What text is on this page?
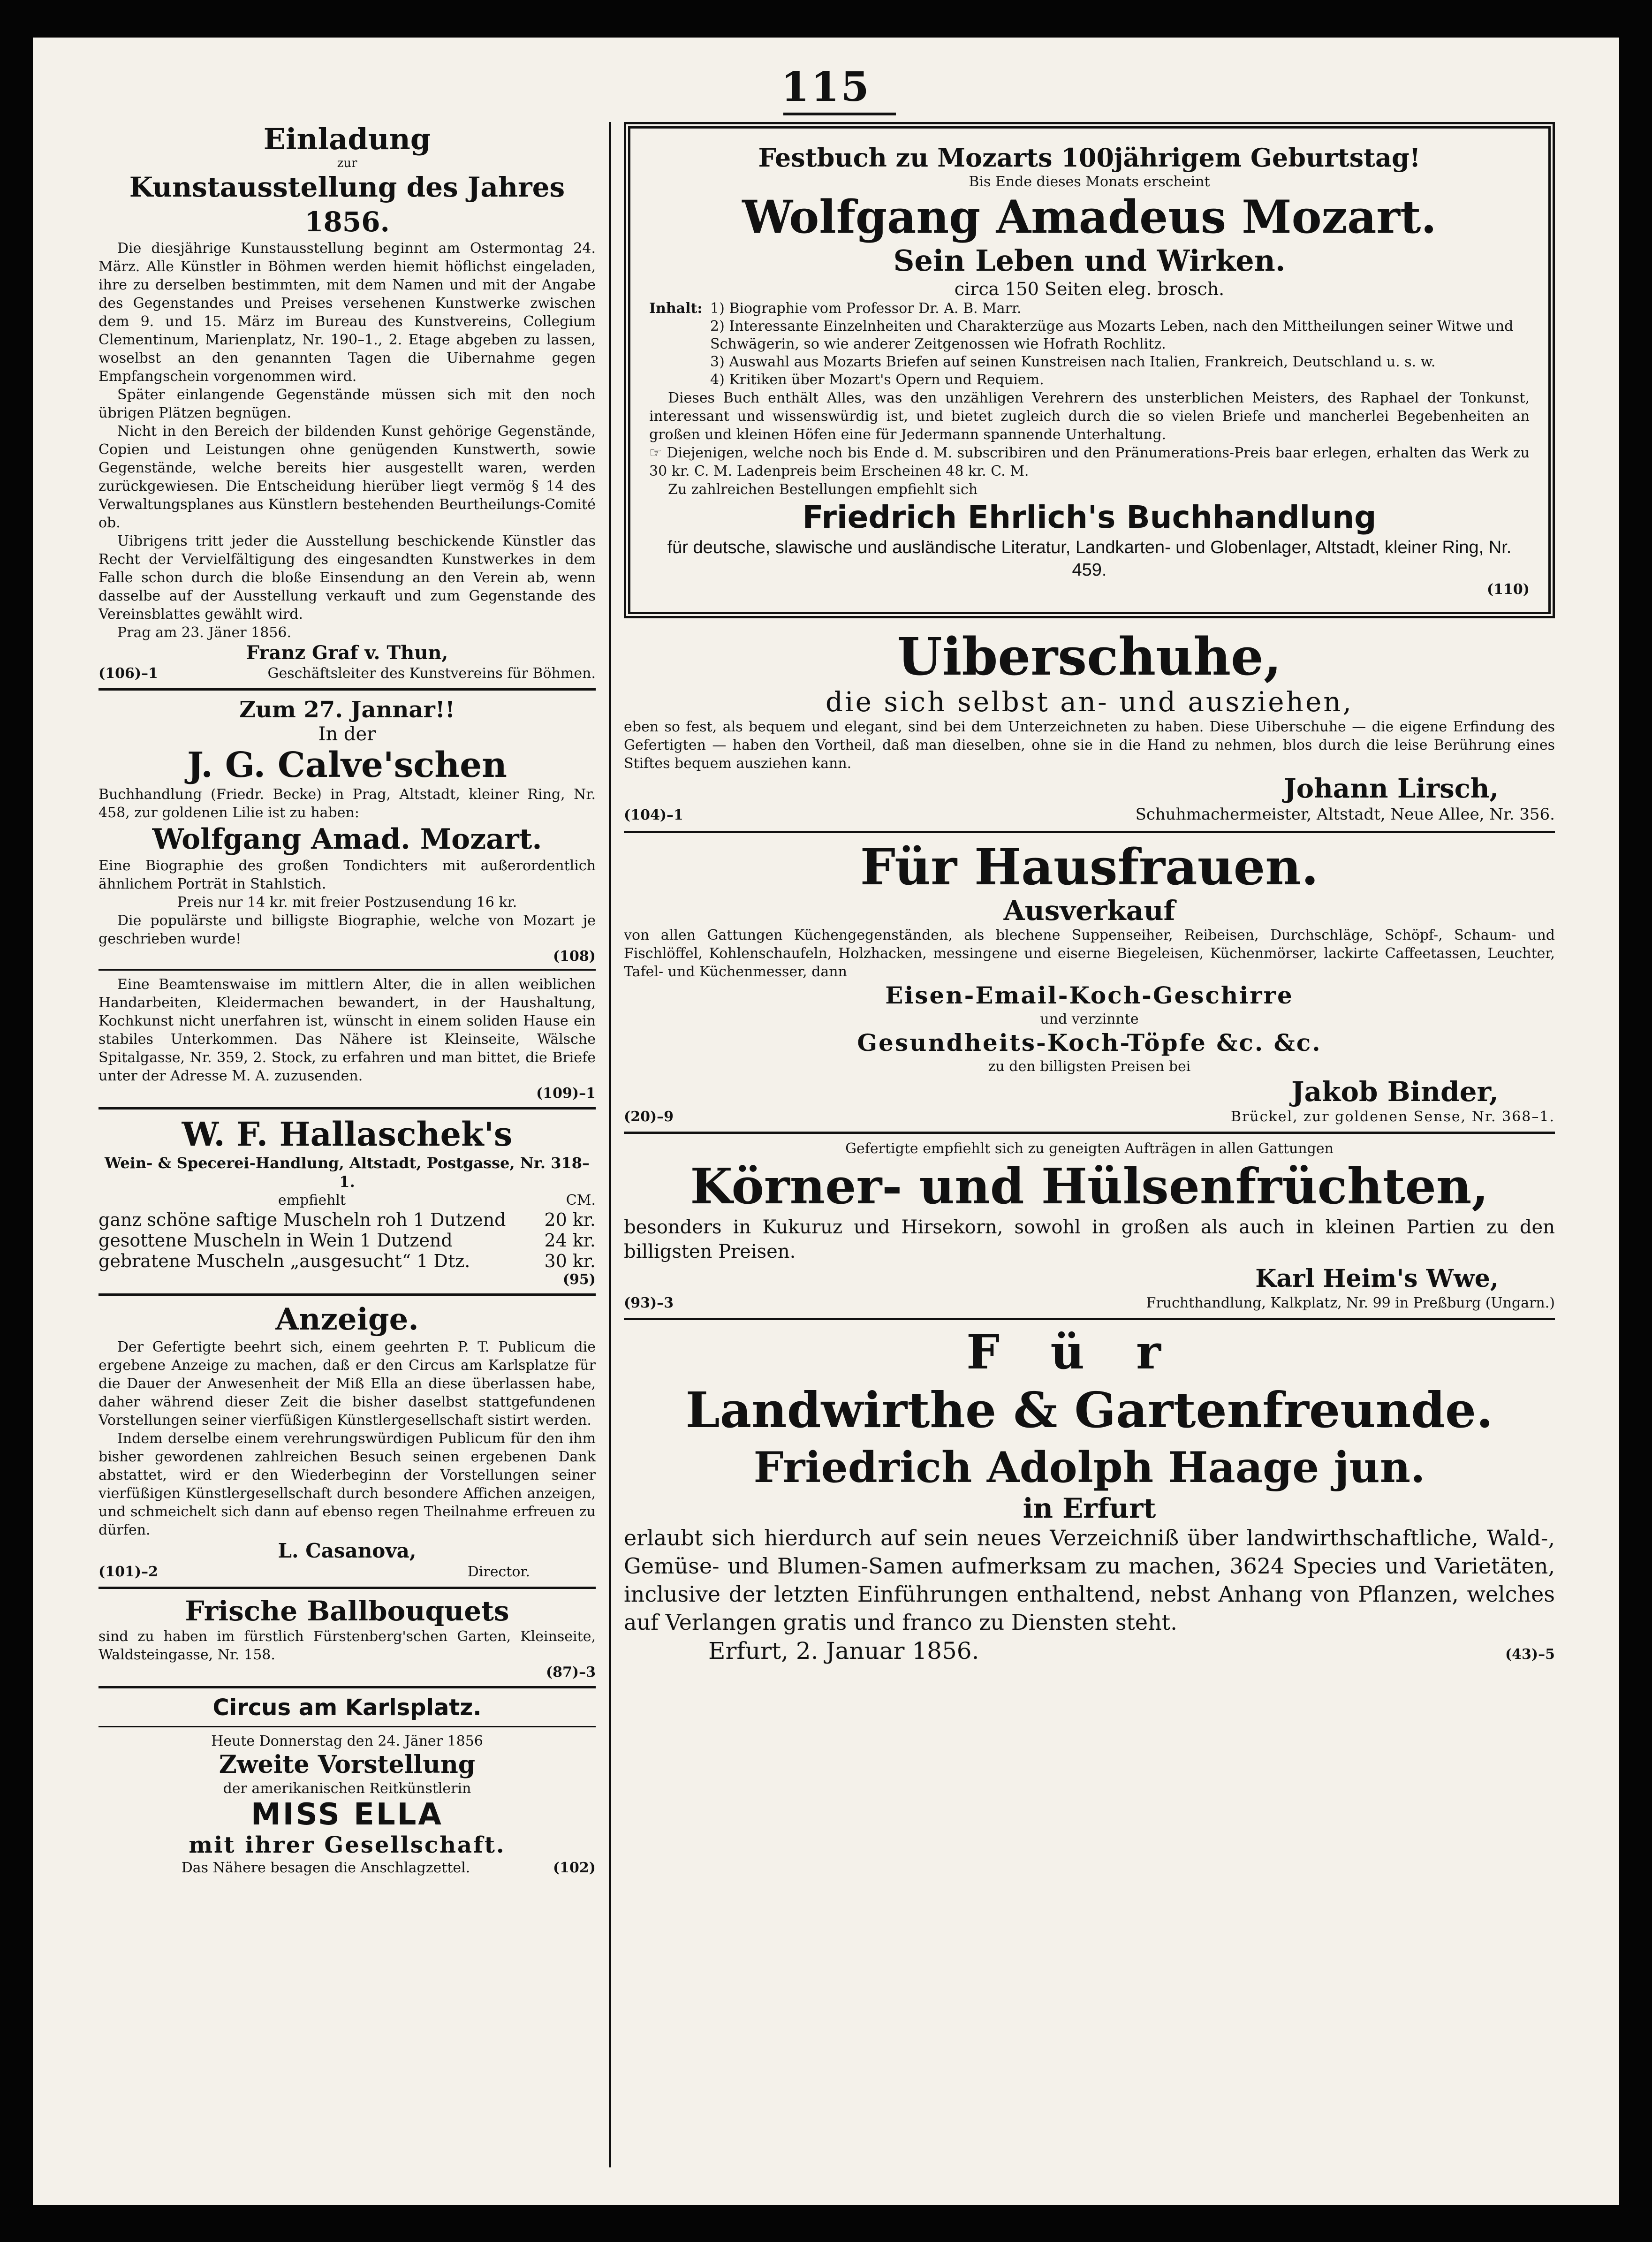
115
Einladung
zur
Kunstausstellung des Jahres 1856.
Die diesjährige Kunstausstellung beginnt am Ostermontag 24. März. Alle Künstler in Böhmen werden hiemit höflichst eingeladen, ihre zu derselben bestimmten, mit dem Namen und mit der Angabe des Gegenstandes und Preises versehenen Kunstwerke zwischen dem 9. und 15. März im Bureau des Kunstvereins, Collegium Clementinum, Marienplatz, Nr. 190–1., 2. Etage abgeben zu lassen, woselbst an den genannten Tagen die Uibernahme gegen Empfangschein vorgenommen wird.
Später einlangende Gegenstände müssen sich mit den noch übrigen Plätzen begnügen.
Nicht in den Bereich der bildenden Kunst gehörige Gegenstände, Copien und Leistungen ohne genügenden Kunstwerth, sowie Gegenstände, welche bereits hier ausgestellt waren, werden zurückgewiesen. Die Entscheidung hierüber liegt vermög § 14 des Verwaltungsplanes aus Künstlern bestehenden Beurtheilungs-Comité ob.
Uibrigens tritt jeder die Ausstellung beschickende Künstler das Recht der Vervielfältigung des eingesandten Kunstwerkes in dem Falle schon durch die bloße Einsendung an den Verein ab, wenn dasselbe auf der Ausstellung verkauft und zum Gegenstande des Vereinsblattes gewählt wird.
Prag am 23. Jäner 1856.
Franz Graf v. Thun,
(106)–1	Geschäftsleiter des Kunstvereins für Böhmen.
Zum 27. Jannar!!
In der
J. G. Calve'schen
Buchhandlung (Friedr. Becke) in Prag, Altstadt, kleiner Ring, Nr. 458, zur goldenen Lilie ist zu haben:
Wolfgang Amad. Mozart.
Eine Biographie des großen Tondichters mit außerordentlich ähnlichem Porträt in Stahlstich.
Preis nur 14 kr. mit freier Postzusendung 16 kr.
Die populärste und billigste Biographie, welche von Mozart je geschrieben wurde!
(108)
Eine Beamtenswaise im mittlern Alter, die in allen weiblichen Handarbeiten, Kleidermachen bewandert, in der Haushaltung, Kochkunst nicht unerfahren ist, wünscht in einem soliden Hause ein stabiles Unterkommen. Das Nähere ist Kleinseite, Wälsche Spitalgasse, Nr. 359, 2. Stock, zu erfahren und man bittet, die Briefe unter der Adresse M. A. zuzusenden.
(109)–1
W. F. Hallaschek's
Wein- & Specerei-Handlung, Altstadt, Postgasse, Nr. 318–1.
empfiehlt	CM.
ganz schöne saftige Muscheln roh 1 Dutzend	20 kr.
gesottene Muscheln in Wein 1 Dutzend	24 kr.
gebratene Muscheln „ausgesucht“ 1 Dtz.	30 kr.
(95)
Anzeige.
Der Gefertigte beehrt sich, einem geehrten P. T. Publicum die ergebene Anzeige zu machen, daß er den Circus am Karlsplatze für die Dauer der Anwesenheit der Miß Ella an diese überlassen habe, daher während dieser Zeit die bisher daselbst stattgefundenen Vorstellungen seiner vierfüßigen Künstlergesellschaft sistirt werden.
Indem derselbe einem verehrungswürdigen Publicum für den ihm bisher gewordenen zahlreichen Besuch seinen ergebenen Dank abstattet, wird er den Wiederbeginn der Vorstellungen seiner vierfüßigen Künstlergesellschaft durch besondere Affichen anzeigen, und schmeichelt sich dann auf ebenso regen Theilnahme erfreuen zu dürfen.
L. Casanova,
(101)–2	Director.
Frische Ballbouquets
sind zu haben im fürstlich Fürstenberg'schen Garten, Kleinseite, Waldsteingasse, Nr. 158.
(87)–3
Circus am Karlsplatz.
Heute Donnerstag den 24. Jäner 1856
Zweite Vorstellung
der amerikanischen Reitkünstlerin
MISS ELLA
mit ihrer Gesellschaft.
Das Nähere besagen die Anschlagzettel.	(102)
Festbuch zu Mozarts 100jährigem Geburtstag!
Bis Ende dieses Monats erscheint
Wolfgang Amadeus Mozart.
Sein Leben und Wirken.
circa 150 Seiten eleg. brosch.
Inhalt: 1) Biographie vom Professor Dr. A. B. Marr.
2) Interessante Einzelnheiten und Charakterzüge aus Mozarts Leben, nach den Mittheilungen seiner Witwe und Schwägerin, so wie anderer Zeitgenossen wie Hofrath Rochlitz.
3) Auswahl aus Mozarts Briefen auf seinen Kunstreisen nach Italien, Frankreich, Deutschland u. s. w.
4) Kritiken über Mozart's Opern und Requiem.
Dieses Buch enthält Alles, was den unzähligen Verehrern des unsterblichen Meisters, des Raphael der Tonkunst, interessant und wissenswürdig ist, und bietet zugleich durch die so vielen Briefe und mancherlei Begebenheiten an großen und kleinen Höfen eine für Jedermann spannende Unterhaltung.
☞ Diejenigen, welche noch bis Ende d. M. subscribiren und den Pränumerations-Preis baar erlegen, erhalten das Werk zu 30 kr. C. M. Ladenpreis beim Erscheinen 48 kr. C. M.
Zu zahlreichen Bestellungen empfiehlt sich
Friedrich Ehrlich's Buchhandlung
für deutsche, slawische und ausländische Literatur, Landkarten- und Globenlager, Altstadt, kleiner Ring, Nr. 459.
(110)
Uiberschuhe,
die sich selbst an- und ausziehen,
eben so fest, als bequem und elegant, sind bei dem Unterzeichneten zu haben. Diese Uiberschuhe — die eigene Erfindung des Gefertigten — haben den Vortheil, daß man dieselben, ohne sie in die Hand zu nehmen, blos durch die leise Berührung eines Stiftes bequem ausziehen kann.
Johann Lirsch,
(104)–1	Schuhmachermeister, Altstadt, Neue Allee, Nr. 356.
Für Hausfrauen.
Ausverkauf
von allen Gattungen Küchengegenständen, als blechene Suppenseiher, Reibeisen, Durchschläge, Schöpf-, Schaum- und Fischlöffel, Kohlenschaufeln, Holzhacken, messingene und eiserne Biegeleisen, Küchenmörser, lackirte Caffeetassen, Leuchter, Tafel- und Küchenmesser, dann
Eisen-Email-Koch-Geschirre
und verzinnte
Gesundheits-Koch-Töpfe &c. &c.
zu den billigsten Preisen bei
Jakob Binder,
(20)–9	Brückel, zur goldenen Sense, Nr. 368–1.
Gefertigte empfiehlt sich zu geneigten Aufträgen in allen Gattungen
Körner- und Hülsenfrüchten,
besonders in Kukuruz und Hirsekorn, sowohl in großen als auch in kleinen Partien zu den billigsten Preisen.
Karl Heim's Wwe,
(93)–3	Fruchthandlung, Kalkplatz, Nr. 99 in Preßburg (Ungarn.)
Für
Landwirthe & Gartenfreunde.
Friedrich Adolph Haage jun.
in Erfurt
erlaubt sich hierdurch auf sein neues Verzeichniß über landwirthschaftliche, Wald-, Gemüse- und Blumen-Samen aufmerksam zu machen, 3624 Species und Varietäten, inclusive der letzten Einführungen enthaltend, nebst Anhang von Pflanzen, welches auf Verlangen gratis und franco zu Diensten steht.
Erfurt, 2. Januar 1856.	(43)–5
